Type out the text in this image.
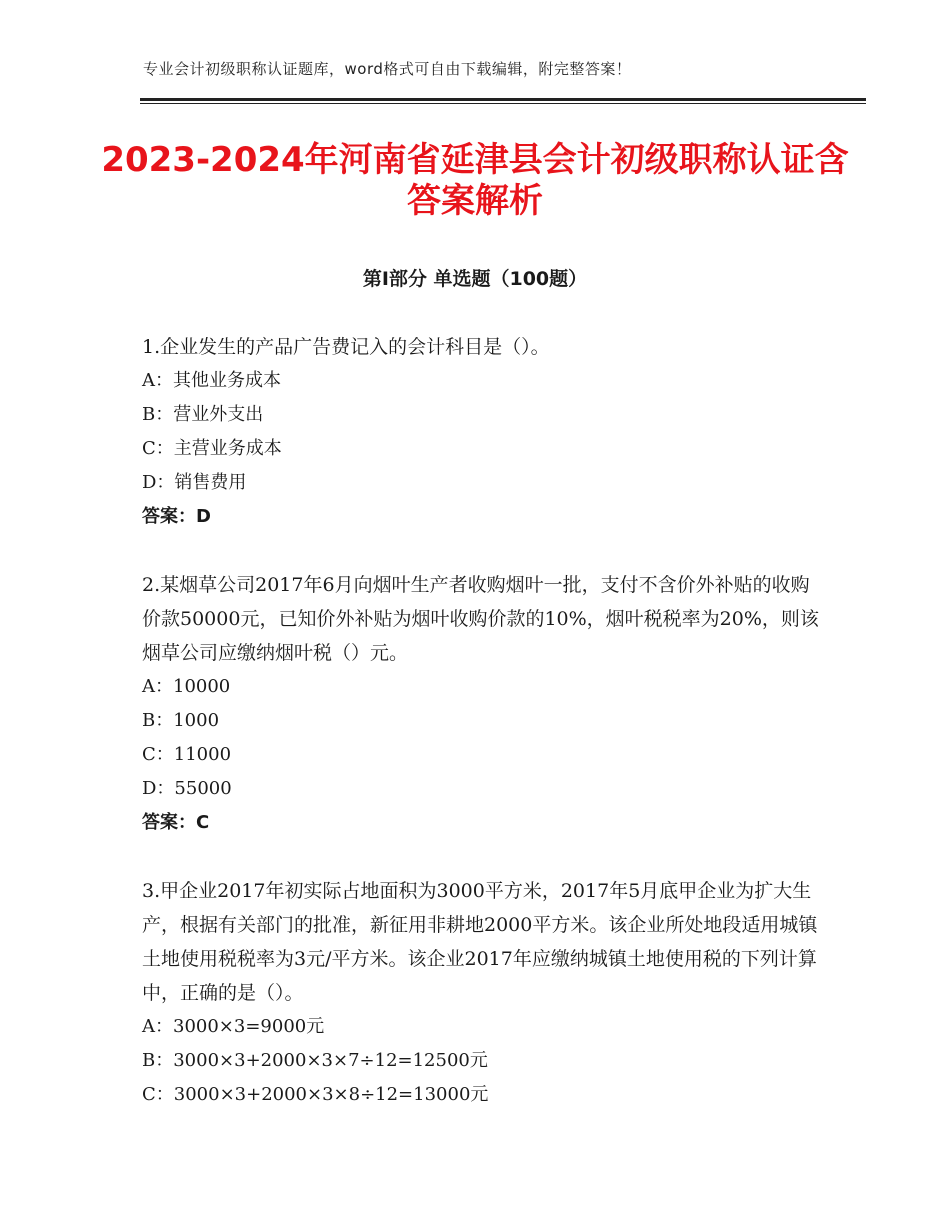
专业会计初级职称认证题库，word格式可自由下载编辑，附完整答案！
2023-2024年河南省延津县会计初级职称认证含答案解析
第Ⅰ部分 单选题（100题）

1.企业发生的产品广告费记入的会计科目是（）。

A：其他业务成本
B：营业外支出
C：主营业务成本
D：销售费用
答案：D

2.某烟草公司2017年6月向烟叶生产者收购烟叶一批，支付不含价外补贴的收购价款50000元，已知价外补贴为烟叶收购价款的10%，烟叶税税率为20%，则该烟草公司应缴纳烟叶税（）元。

A：10000
B：1000
C：11000
D：55000
答案：C

3.甲企业2017年初实际占地面积为3000平方米，2017年5月底甲企业为扩大生产，根据有关部门的批准，新征用非耕地2000平方米。该企业所处地段适用城镇土地使用税税率为3元/平方米。该企业2017年应缴纳城镇土地使用税的下列计算中，正确的是（）。

A：3000×3=9000元
B：3000×3+2000×3×7÷12=12500元
C：3000×3+2000×3×8÷12=13000元
